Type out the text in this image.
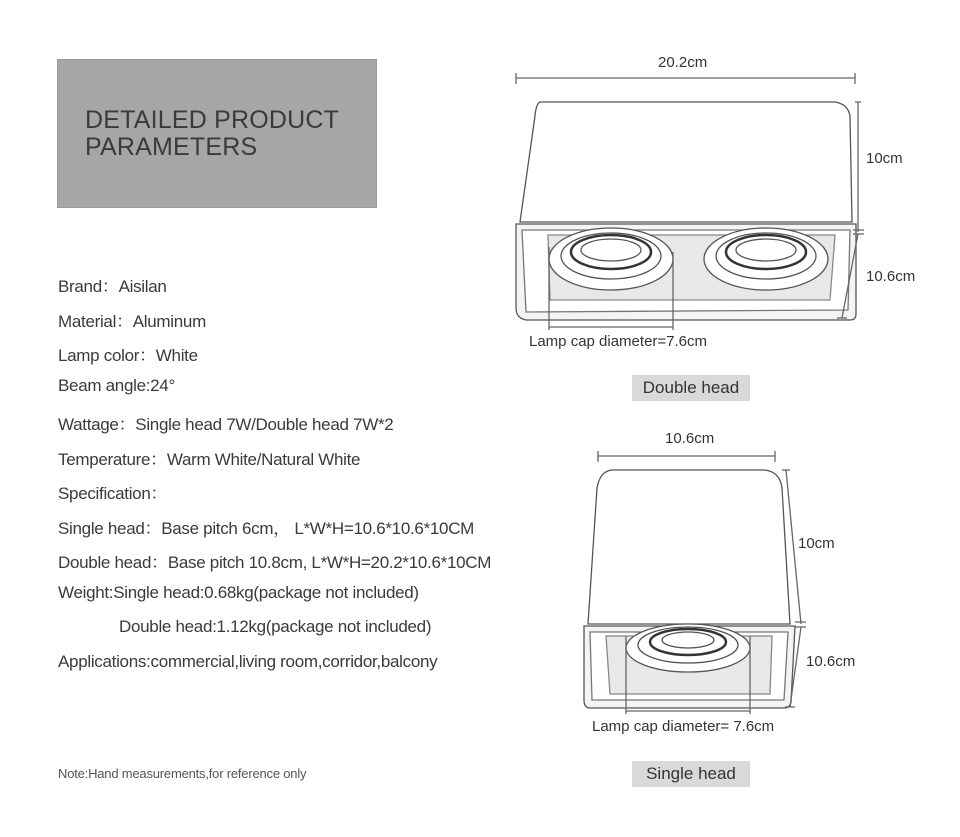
DETAILED PRODUCT
PARAMETERS
Brand：Aisilan
Material：Aluminum
Lamp color：White
Beam angle:24°
Wattage：Single head 7W/Double head 7W*2
Temperature：Warm White/Natural White
Specification：
Single head：Base pitch 6cm， L*W*H=10.6*10.6*10CM
Double head：Base pitch 10.8cm, L*W*H=20.2*10.6*10CM
Weight:Single head:0.68kg(package not included)
Double head:1.12kg(package not included)
Applications:commercial,living room,corridor,balcony
Note:Hand measurements,for reference only
20.2cm
10cm
10.6cm
Lamp cap diameter=7.6cm
Double head
10.6cm
10cm
10.6cm
Lamp cap diameter= 7.6cm
Single head
